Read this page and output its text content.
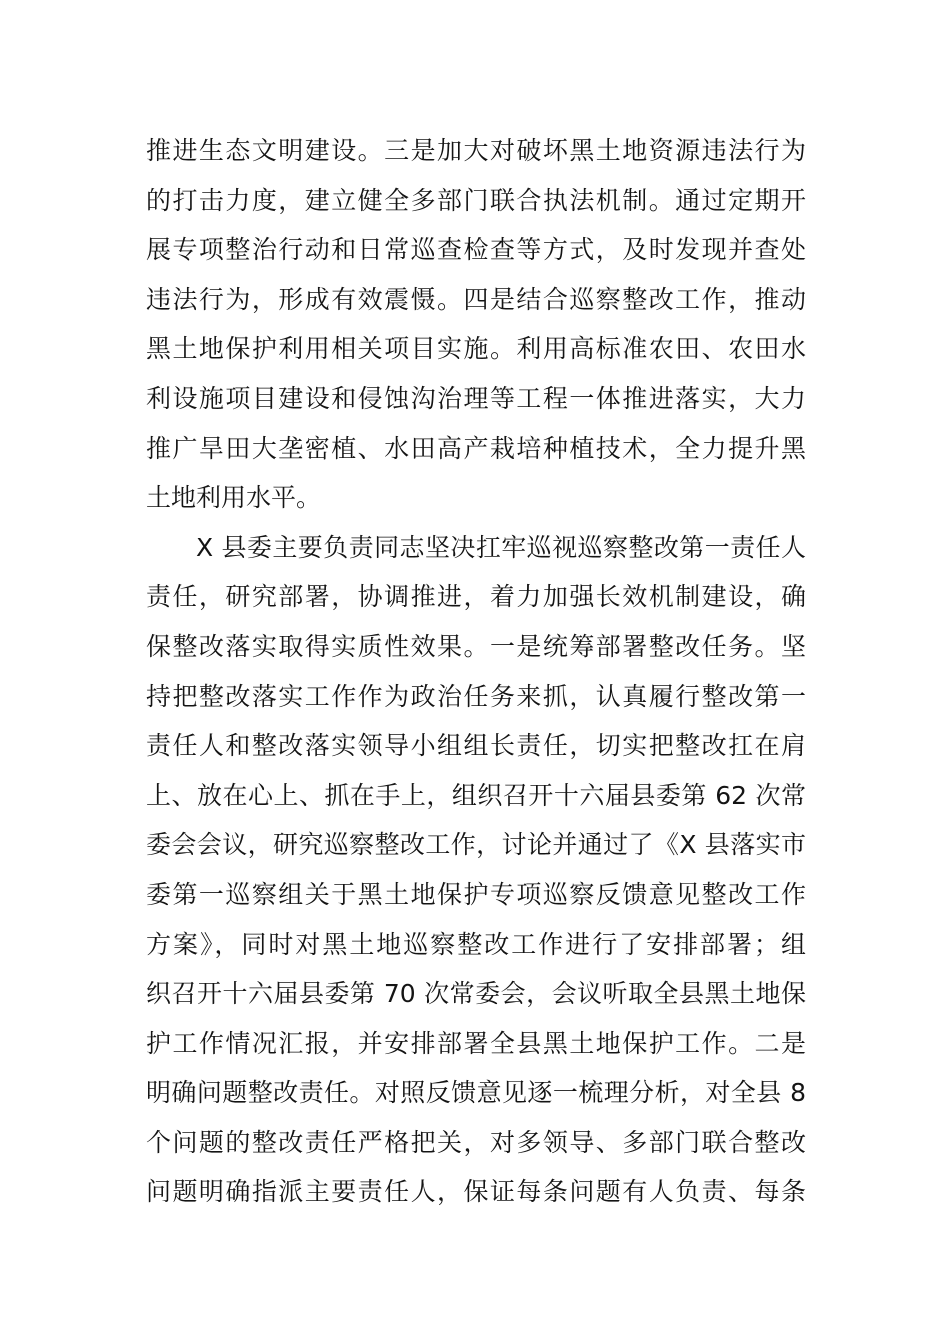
推进生态文明建设。三是加大对破坏黑土地资源违法行为
的打击力度，建立健全多部门联合执法机制。通过定期开
展专项整治行动和日常巡查检查等方式，及时发现并查处
违法行为，形成有效震慑。四是结合巡察整改工作，推动
黑土地保护利用相关项目实施。利用高标准农田、农田水
利设施项目建设和侵蚀沟治理等工程一体推进落实，大力
推广旱田大垄密植、水田高产栽培种植技术，全力提升黑
土地利用水平。
X 县委主要负责同志坚决扛牢巡视巡察整改第一责任人
责任，研究部署，协调推进，着力加强长效机制建设，确
保整改落实取得实质性效果。一是统筹部署整改任务。坚
持把整改落实工作作为政治任务来抓，认真履行整改第一
责任人和整改落实领导小组组长责任，切实把整改扛在肩
上、放在心上、抓在手上，组织召开十六届县委第 62 次常
委会会议，研究巡察整改工作，讨论并通过了《X 县落实市
委第一巡察组关于黑土地保护专项巡察反馈意见整改工作
方案》，同时对黑土地巡察整改工作进行了安排部署；组
织召开十六届县委第 70 次常委会，会议听取全县黑土地保
护工作情况汇报，并安排部署全县黑土地保护工作。二是
明确问题整改责任。对照反馈意见逐一梳理分析，对全县 8
个问题的整改责任严格把关，对多领导、多部门联合整改
问题明确指派主要责任人，保证每条问题有人负责、每条
